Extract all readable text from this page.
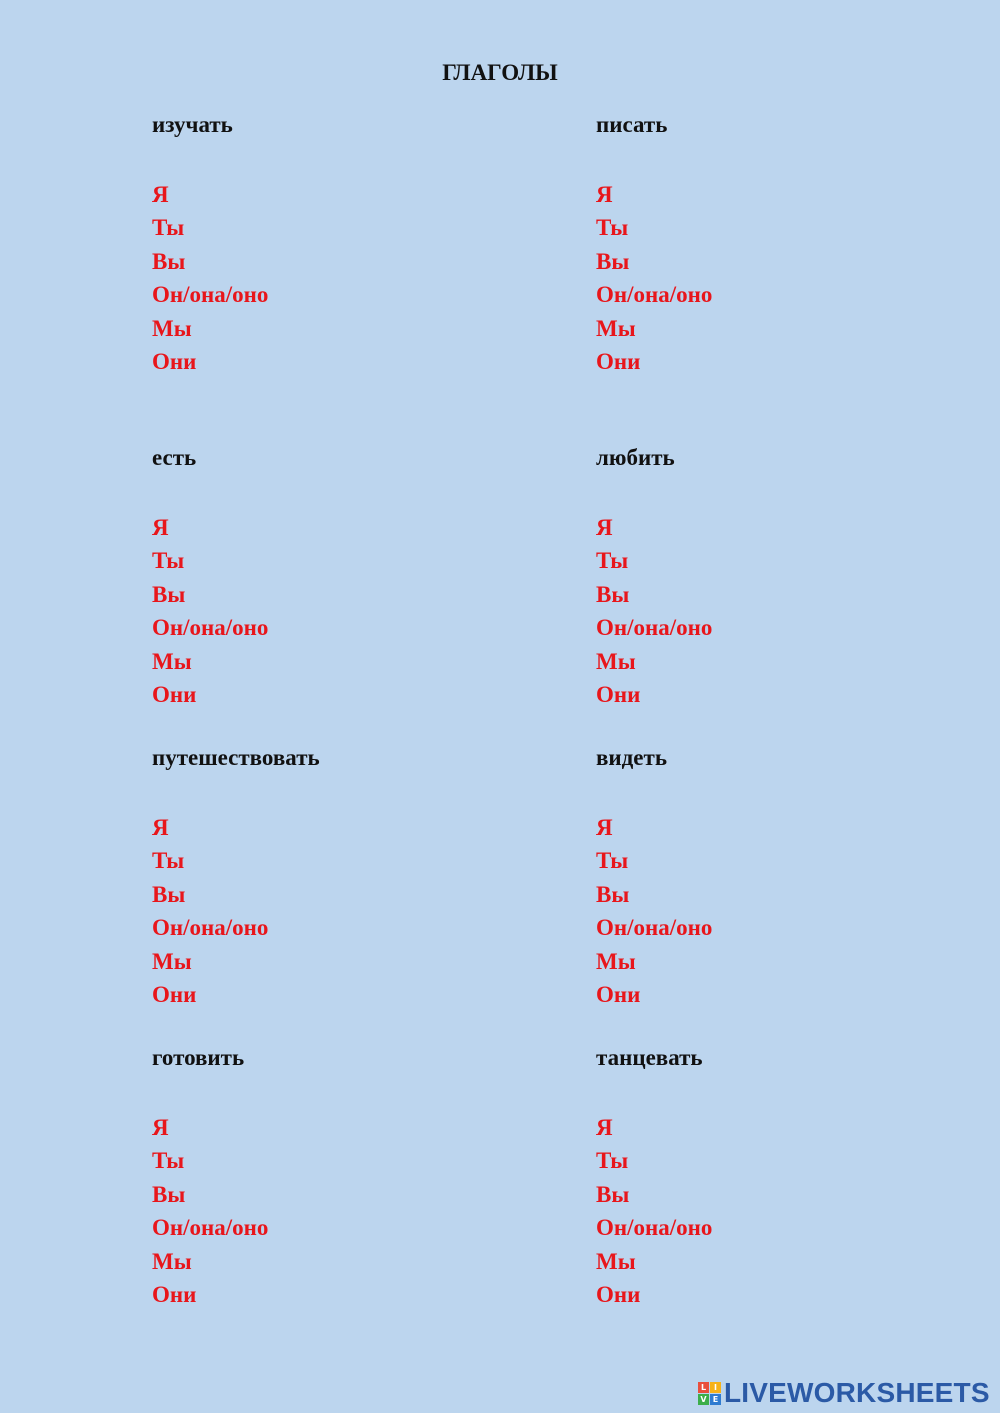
ГЛАГОЛЫ
изучать
Я
Ты
Вы
Он/она/оно
Мы
Они
писать
Я
Ты
Вы
Он/она/оно
Мы
Они
есть
Я
Ты
Вы
Он/она/оно
Мы
Они
любить
Я
Ты
Вы
Он/она/оно
Мы
Они
путешествовать
Я
Ты
Вы
Он/она/оно
Мы
Они
видеть
Я
Ты
Вы
Он/она/оно
Мы
Они
готовить
Я
Ты
Вы
Он/она/оно
Мы
Они
танцевать
Я
Ты
Вы
Он/она/оно
Мы
Они
L I
V E LIVEWORKSHEETS
